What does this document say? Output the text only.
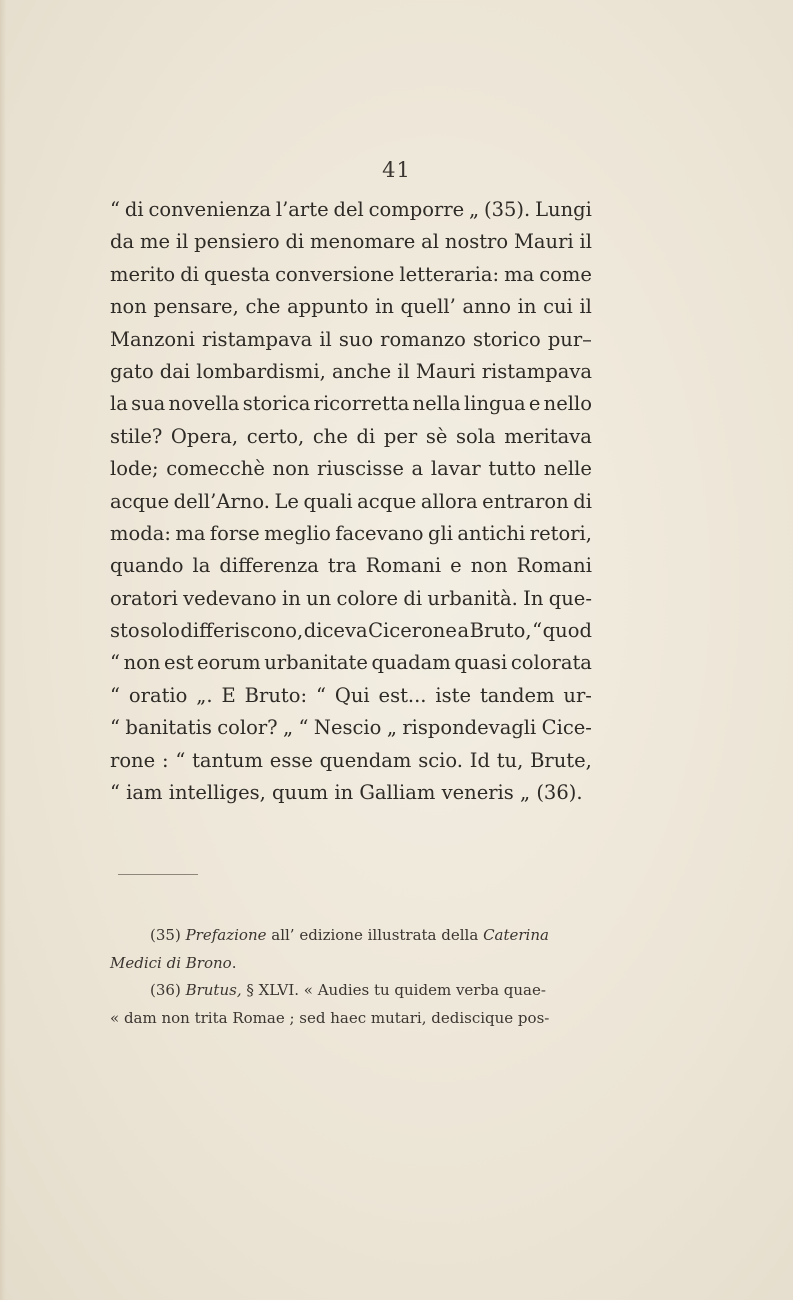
41
“ di convenienza l’arte del comporre „ (35). Lungi
da me il pensiero di menomare al nostro Mauri il
merito di questa conversione letteraria: ma come
non pensare, che appunto in quell’ anno in cui il
Manzoni ristampava il suo romanzo storico pur–
gato dai lombardismi, anche il Mauri ristampava
la sua novella storica ricorretta nella lingua e nello
stile? Opera, certo, che di per sè sola meritava
lode; comecchè non riuscisse a lavar tutto nelle
acque dell’Arno. Le quali acque allora entraron di
moda: ma forse meglio facevano gli antichi retori,
quando la differenza tra Romani e non Romani
oratori vedevano in un colore di urbanità. In que-
sto solo differiscono, diceva Cicerone a Bruto, “ quod
“ non est eorum urbanitate quadam quasi colorata
“ oratio „. E Bruto: “ Qui est... iste tandem ur-
“ banitatis color? „ “ Nescio „ rispondevagli Cice-
rone : “ tantum esse quendam scio. Id tu, Brute,
“ iam intelliges, quum in Galliam veneris „ (36).
(35) Prefazione all’ edizione illustrata della Caterina
Medici di Brono.
(36) Brutus, § XLVI. « Audies tu quidem verba quae-
« dam non trita Romae ; sed haec mutari, dediscique pos-
